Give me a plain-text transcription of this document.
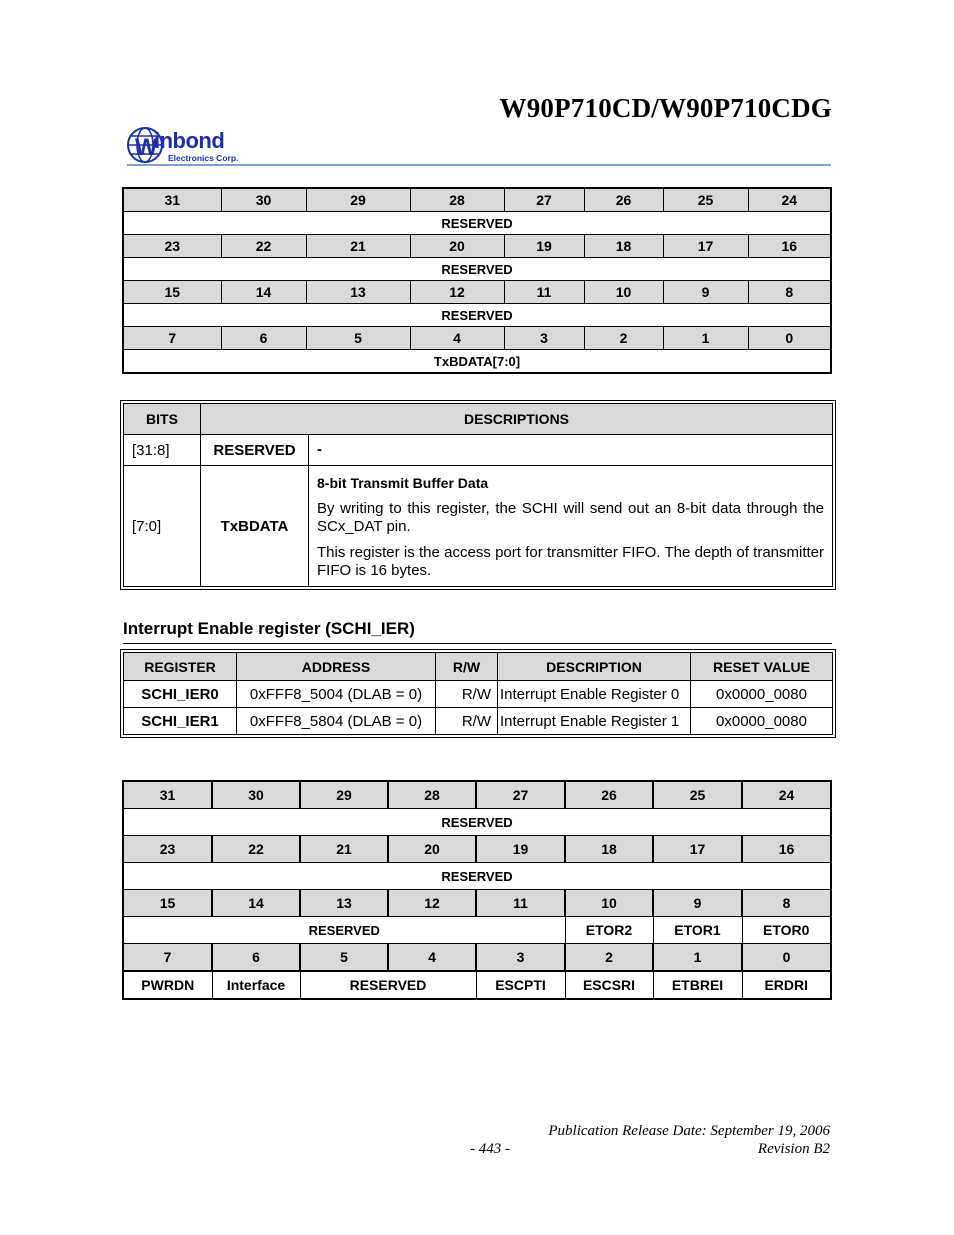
W90P710CD/W90P710CDG
W
inbond
Electronics Corp.
31	30	29	28	27	26	25	24
RESERVED							
23	22	21	20	19	18	17	16
RESERVED							
15	14	13	12	11	10	9	8
RESERVED							
7	6	5	4	3	2	1	0
TxBDATA[7:0]							
BITS	DESCRIPTIONS	
[31:8]	RESERVED	-
[7:0]	TxBDATA	8-bit Transmit Buffer Data

By writing to this register, the SCHI will send out an 8-bit data through the SCx_DAT pin.

This register is the access port for transmitter FIFO. The depth of transmitter FIFO is 16 bytes.

Interrupt Enable register (SCHI_IER)
REGISTER	ADDRESS	R/W	DESCRIPTION	RESET VALUE
SCHI_IER0	0xFFF8_5004 (DLAB = 0)	R/W	Interrupt Enable Register 0	0x0000_0080
SCHI_IER1	0xFFF8_5804 (DLAB = 0)	R/W	Interrupt Enable Register 1	0x0000_0080
31	30	29	28	27	26	25	24
RESERVED							
23	22	21	20	19	18	17	16
RESERVED							
15	14	13	12	11	10	9	8
RESERVED					ETOR2	ETOR1	ETOR0
7	6	5	4	3	2	1	0
PWRDN	Interface	RESERVED		ESCPTI	ESCSRI	ETBREI	ERDRI
Publication Release Date: September 19, 2006
- 443 -	Revision B2
